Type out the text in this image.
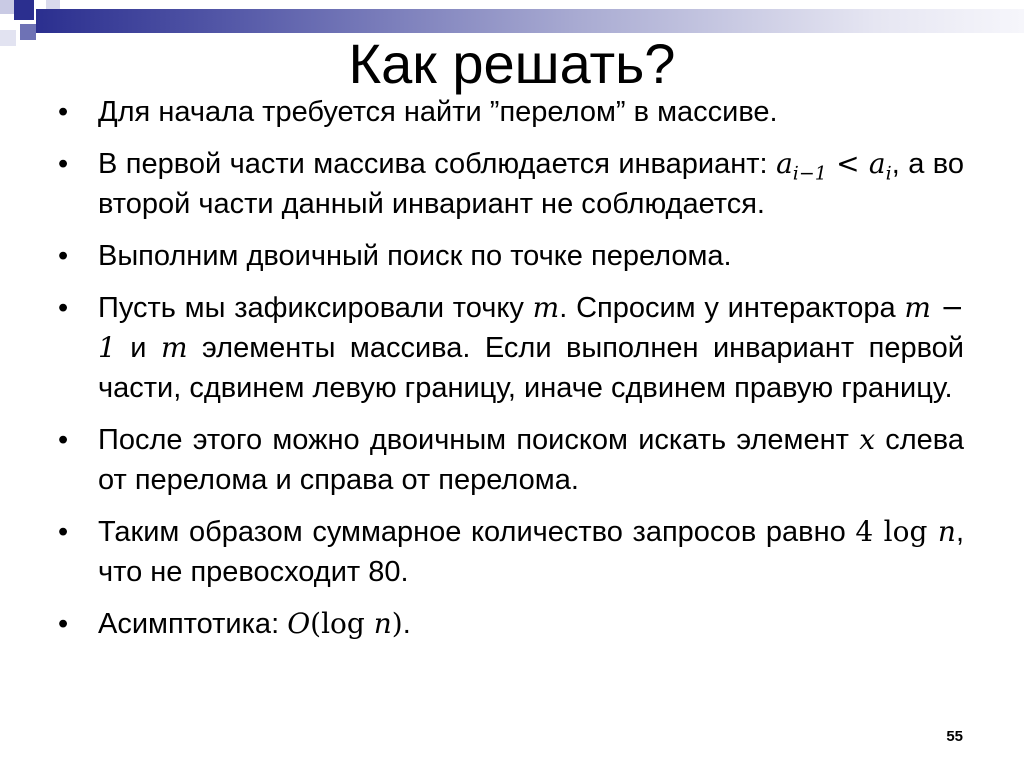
Как решать?
• Для начала требуется найти ”перелом” в массиве.
• В первой части массива соблюдается инвариант: $a_{i-1} < a_i$, а во второй части данный инвариант не соблюдается.
• Выполним двоичный поиск по точке перелома.
• Пусть мы зафиксировали точку m. Спросим у интерактора m − 1 и m элементы массива. Если выполнен инвариант первой части, сдвинем левую границу, иначе сдвинем правую границу.
• После этого можно двоичным поиском искать элемент x слева от перелома и справа от перелома.
• Таким образом суммарное количество запросов равно 4 log n, что не превосходит 80.
• Асимптотика: O(log n).
55
